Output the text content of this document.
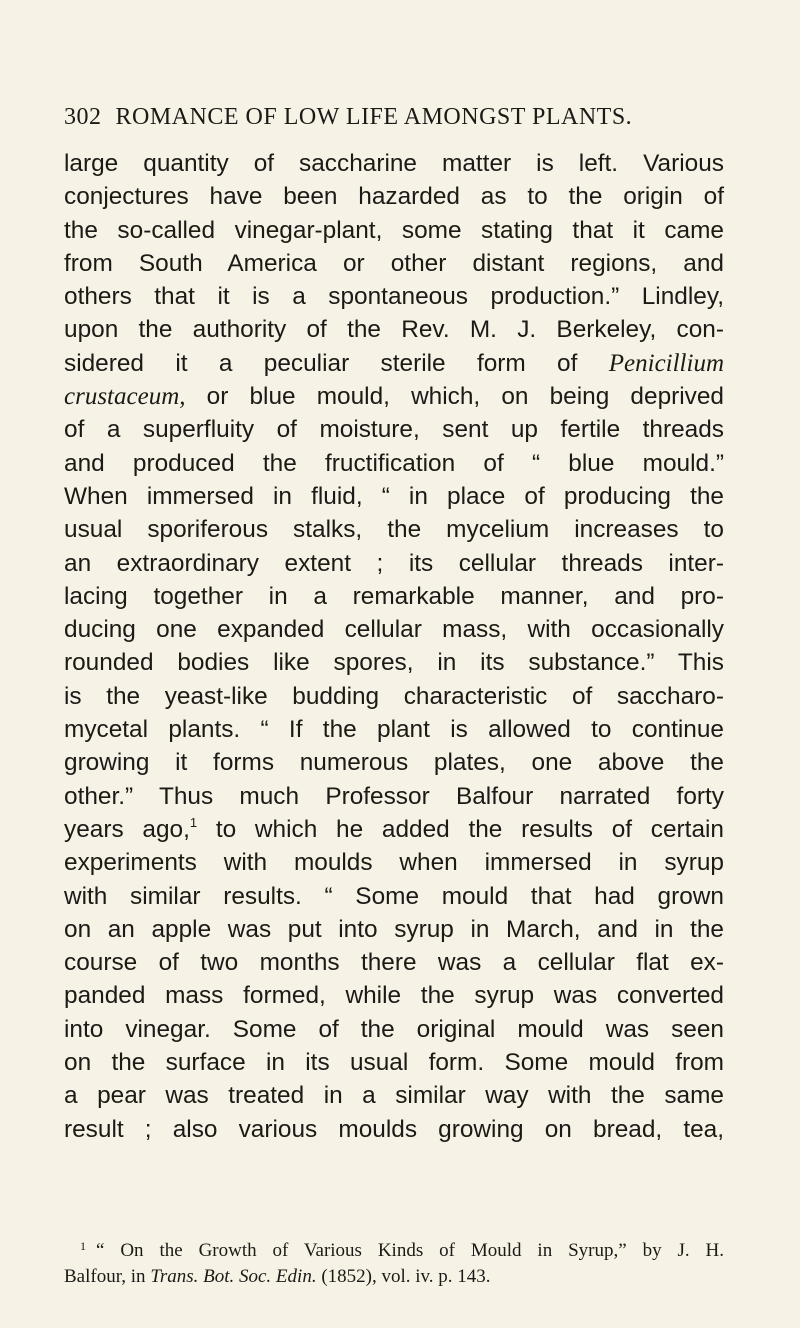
302 ROMANCE OF LOW LIFE AMONGST PLANTS.
large quantity of saccharine matter is left. Various
conjectures have been hazarded as to the origin of
the so-called vinegar-plant, some stating that it came
from South America or other distant regions, and
others that it is a spontaneous production.” Lindley,
upon the authority of the Rev. M. J. Berkeley, con-
sidered it a peculiar sterile form of Penicillium
crustaceum, or blue mould, which, on being deprived
of a superfluity of moisture, sent up fertile threads
and produced the fructification of “ blue mould.”
When immersed in fluid, “ in place of producing the
usual sporiferous stalks, the mycelium increases to
an extraordinary extent ; its cellular threads inter-
lacing together in a remarkable manner, and pro-
ducing one expanded cellular mass, with occasionally
rounded bodies like spores, in its substance.” This
is the yeast-like budding characteristic of saccharo-
mycetal plants. “ If the plant is allowed to continue
growing it forms numerous plates, one above the
other.” Thus much Professor Balfour narrated forty
years ago,$^1$ to which he added the results of certain
experiments with moulds when immersed in syrup
with similar results. “ Some mould that had grown
on an apple was put into syrup in March, and in the
course of two months there was a cellular flat ex-
panded mass formed, while the syrup was converted
into vinegar. Some of the original mould was seen
on the surface in its usual form. Some mould from
a pear was treated in a similar way with the same
result ; also various moulds growing on bread, tea,
$^1$ “ On the Growth of Various Kinds of Mould in Syrup,” by J. H.
Balfour, in Trans. Bot. Soc. Edin. (1852), vol. iv. p. 143.
